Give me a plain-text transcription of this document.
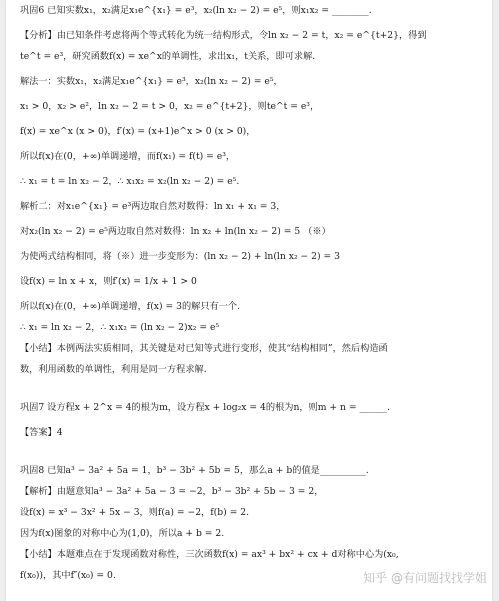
巩固6 已知实数x₁，x₂满足x₁e^{x₁} = e³，x₂(ln x₂ − 2) = e⁵，则x₁x₂ = ________.

【分析】由已知条件考虑将两个等式转化为统一结构形式，令ln x₂ − 2 = t，x₂ = e^{t+2}，得到

te^t = e³，研究函数f(x) = xe^x的单调性，求出x₁，t关系，即可求解.

解法一：实数x₁，x₂满足x₁e^{x₁} = e³，x₂(ln x₂ − 2) = e⁵，

x₁ > 0，x₂ > e²，ln x₂ − 2 = t > 0，x₂ = e^{t+2}，则te^t = e³，

f(x) = xe^x (x > 0)，f′(x) = (x+1)e^x > 0 (x > 0)，

所以f(x)在(0，+∞)单调递增，而f(x₁) = f(t) = e³，

∴ x₁ = t = ln x₂ − 2，∴ x₁x₂ = x₂(ln x₂ − 2) = e⁵.

解析二：对x₁e^{x₁} = e³两边取自然对数得：ln x₁ + x₁ = 3，

对x₂(ln x₂ − 2) = e⁵两边取自然对数得：ln x₂ + ln(ln x₂ − 2) = 5 （※）

为使两式结构相同，将（※）进一步变形为：(ln x₂ − 2) + ln(ln x₂ − 2) = 3

设f(x) = ln x + x，则f′(x) = 1/x + 1 > 0

所以f(x)在(0，+∞)单调递增，f(x) = 3的解只有一个.

∴ x₁ = ln x₂ − 2，∴ x₁x₂ = (ln x₂ − 2)x₂ = e⁵

【小结】本例两法实质相同，其关键是对已知等式进行变形，使其“结构相同”，然后构造函

数，利用函数的单调性，利用是同一方程求解.

巩固7 设方程x + 2^x = 4的根为m，设方程x + log₂x = 4的根为n，则m + n = ______.

【答案】4

巩固8 已知a³ − 3a² + 5a = 1，b³ − 3b² + 5b = 5，那么a + b的值是__________.

【解析】由题意知a³ − 3a² + 5a − 3 = −2，b³ − 3b² + 5b − 3 = 2，

设f(x) = x³ − 3x² + 5x − 3，则f(a) = −2，f(b) = 2.

因为f(x)图象的对称中心为(1,0)，所以a + b = 2.

【小结】本题难点在于发现函数对称性，三次函数f(x) = ax³ + bx² + cx + d对称中心为(x₀,

f(x₀))，其中f″(x₀) = 0.	知乎 @有问题找找学姐
